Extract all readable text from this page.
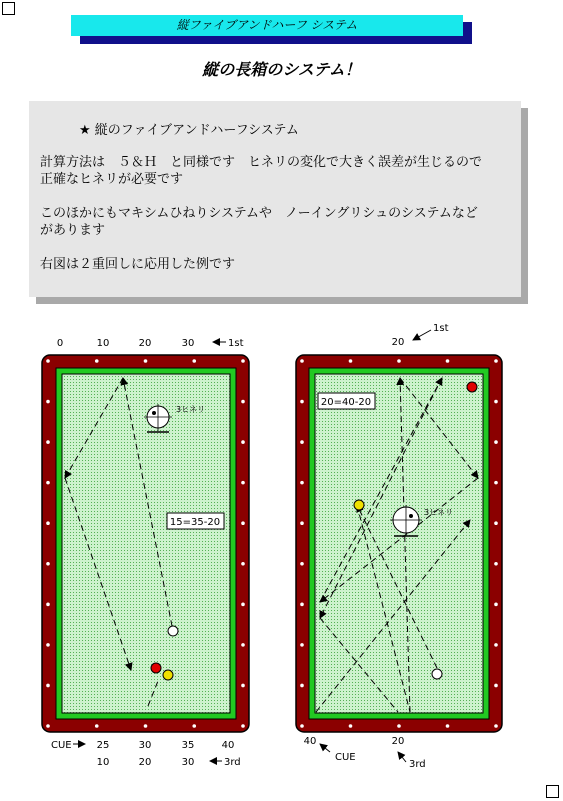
縦ファイブアンドハーフ システム
縦の長箱のシステム！

★ 縦のファイブアンドハーフシステム

計算方法は　５＆Ｈ　と同様です　ヒネリの変化で大きく誤差が生じるので

正確なヒネリが必要です

このほかにもマキシムひねりシステムや　ノーイングリシュのシステムなど

があります

右図は２重回しに応用した例です

0	10	20	30	1st
3ヒネリ
15=35-20
CUE	25	30	35	40
10	20	30	3rd
20
1st
20=40-20
3ヒネリ
40	20
CUE
3rd
